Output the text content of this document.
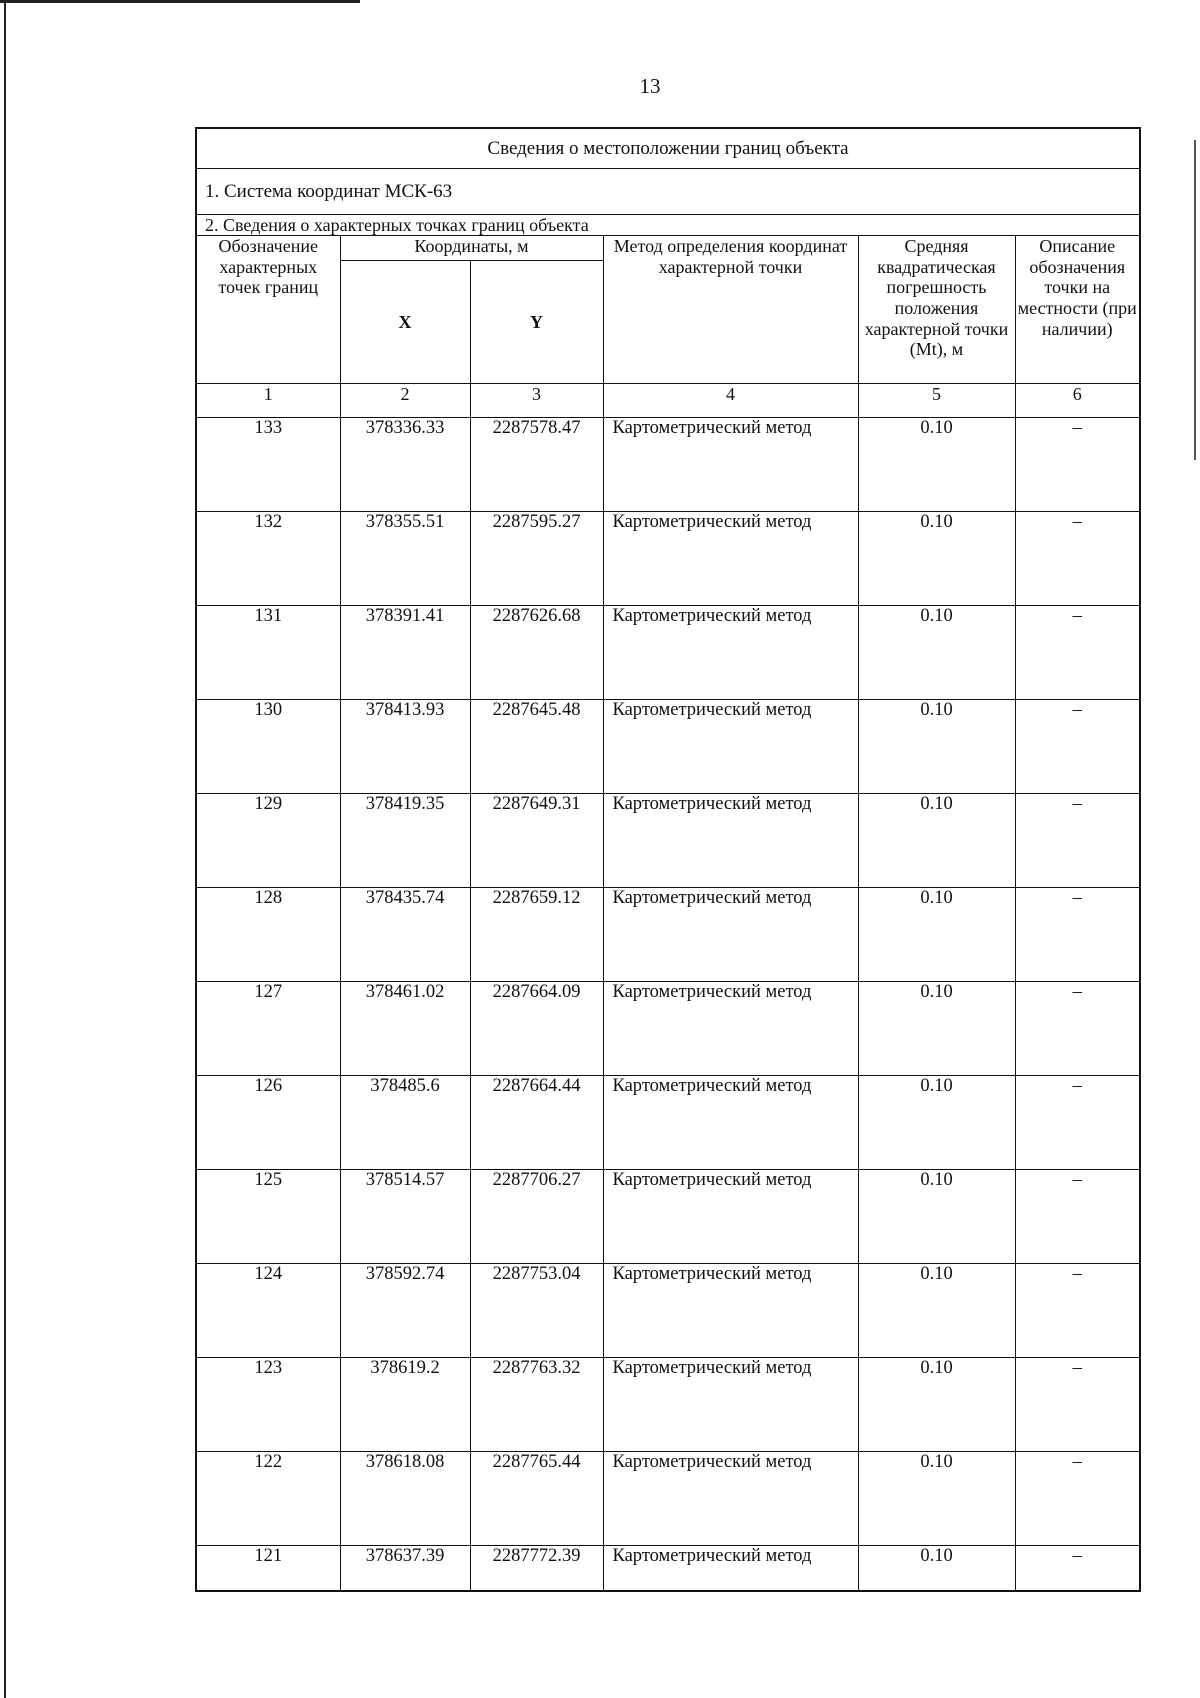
13
Сведения о местоположении границ объекта					
1. Система координат МСК-63					
2. Сведения о характерных точках границ объекта					
Обозначение характерных точек границ	Координаты, м		Метод определения координат характерной точки	Средняя квадратическая погрешность положения характерной точки (Mt), м	Описание обозначения точки на местности (при наличии)
	X	Y			
1	2	3	4	5	6
133	378336.33	2287578.47	Картометрический метод	0.10	–
132	378355.51	2287595.27	Картометрический метод	0.10	–
131	378391.41	2287626.68	Картометрический метод	0.10	–
130	378413.93	2287645.48	Картометрический метод	0.10	–
129	378419.35	2287649.31	Картометрический метод	0.10	–
128	378435.74	2287659.12	Картометрический метод	0.10	–
127	378461.02	2287664.09	Картометрический метод	0.10	–
126	378485.6	2287664.44	Картометрический метод	0.10	–
125	378514.57	2287706.27	Картометрический метод	0.10	–
124	378592.74	2287753.04	Картометрический метод	0.10	–
123	378619.2	2287763.32	Картометрический метод	0.10	–
122	378618.08	2287765.44	Картометрический метод	0.10	–
121	378637.39	2287772.39	Картометрический метод	0.10	–
